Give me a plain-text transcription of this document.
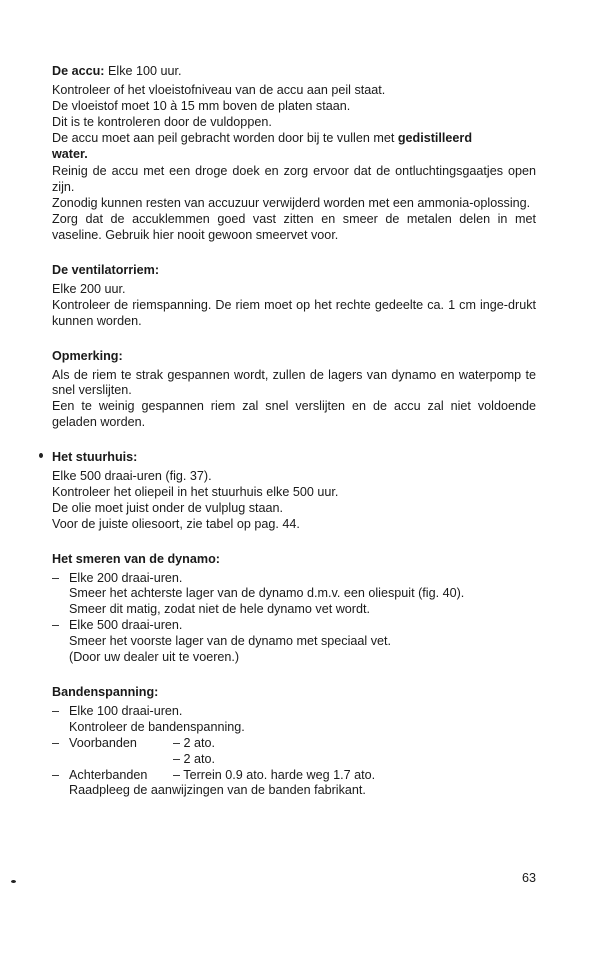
De accu: Elke 100 uur.

Kontroleer of het vloeistofniveau van de accu aan peil staat.

De vloeistof moet 10 à 15 mm boven de platen staan.

Dit is te kontroleren door de vuldoppen.

De accu moet aan peil gebracht worden door bij te vullen met gedistilleerd water.

Reinig de accu met een droge doek en zorg ervoor dat de ontluchtingsgaatjes open zijn.

Zonodig kunnen resten van accuzuur verwijderd worden met een ammonia-oplossing.

Zorg dat de accuklemmen goed vast zitten en smeer de metalen delen in met vaseline. Gebruik hier nooit gewoon smeervet voor.

De ventilatorriem:

Elke 200 uur.

Kontroleer de riemspanning. De riem moet op het rechte gedeelte ca. 1 cm inge-drukt kunnen worden.

Opmerking:

Als de riem te strak gespannen wordt, zullen de lagers van dynamo en waterpomp te snel verslijten.

Een te weinig gespannen riem zal snel verslijten en de accu zal niet voldoende geladen worden.

Het stuurhuis:

Elke 500 draai-uren (fig. 37).

Kontroleer het oliepeil in het stuurhuis elke 500 uur.

De olie moet juist onder de vulplug staan.

Voor de juiste oliesoort, zie tabel op pag. 44.

Het smeren van de dynamo:

– Elke 200 draai-uren.

Smeer het achterste lager van de dynamo d.m.v. een oliespuit (fig. 40).

Smeer dit matig, zodat niet de hele dynamo vet wordt.

– Elke 500 draai-uren.

Smeer het voorste lager van de dynamo met speciaal vet.

(Door uw dealer uit te voeren.)

Bandenspanning:

– Elke 100 draai-uren.

Kontroleer de bandenspanning.

– Voorbanden	– 2 ato.
– 2 ato.
– Achterbanden – Terrein 0.9 ato. harde weg 1.7 ato.

Raadpleeg de aanwijzingen van de banden fabrikant.

63
